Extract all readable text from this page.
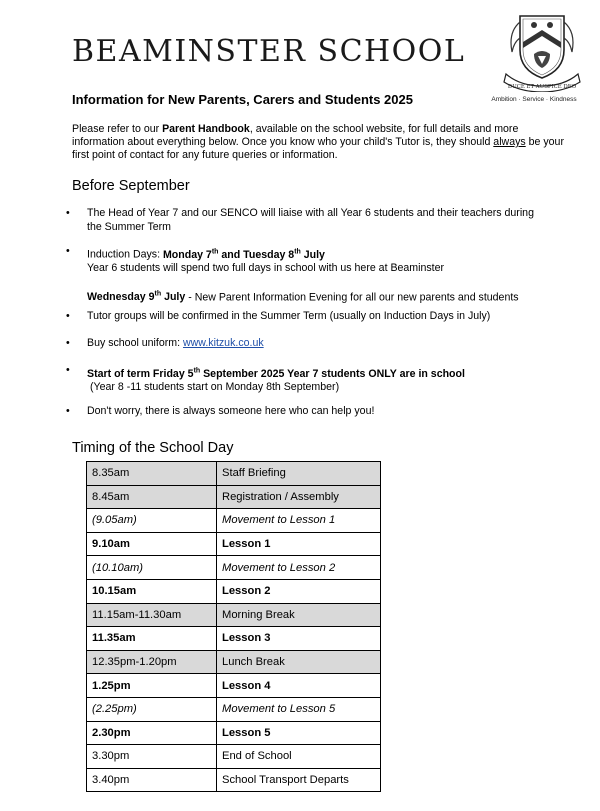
BEAMINSTER SCHOOL
DUCE ET AUSPICE DEO
Ambition · Service · Kindness
Information for New Parents, Carers and Students 2025
Please refer to our Parent Handbook, available on the school website, for full details and more information about everything below. Once you know who your child's Tutor is, they should always be your first point of contact for any future queries or information.
Before September
• The Head of Year 7 and our SENCO will liaise with all Year 6 students and their teachers during the Summer Term
• Induction Days: Monday 7th and Tuesday 8th July
Year 6 students will spend two full days in school with us here at Beaminster
Wednesday 9th July - New Parent Information Evening for all our new parents and students
• Tutor groups will be confirmed in the Summer Term (usually on Induction Days in July)
• Buy school uniform: www.kitzuk.co.uk
• Start of term Friday 5th September 2025 Year 7 students ONLY are in school
(Year 8 -11 students start on Monday 8th September)
• Don't worry, there is always someone here who can help you!
Timing of the School Day
8.35am	Staff Briefing
8.45am	Registration / Assembly
(9.05am)	Movement to Lesson 1
9.10am	Lesson 1
(10.10am)	Movement to Lesson 2
10.15am	Lesson 2
11.15am-11.30am	Morning Break
11.35am	Lesson 3
12.35pm-1.20pm	Lunch Break
1.25pm	Lesson 4
(2.25pm)	Movement to Lesson 5
2.30pm	Lesson 5
3.30pm	End of School
3.40pm	School Transport Departs
